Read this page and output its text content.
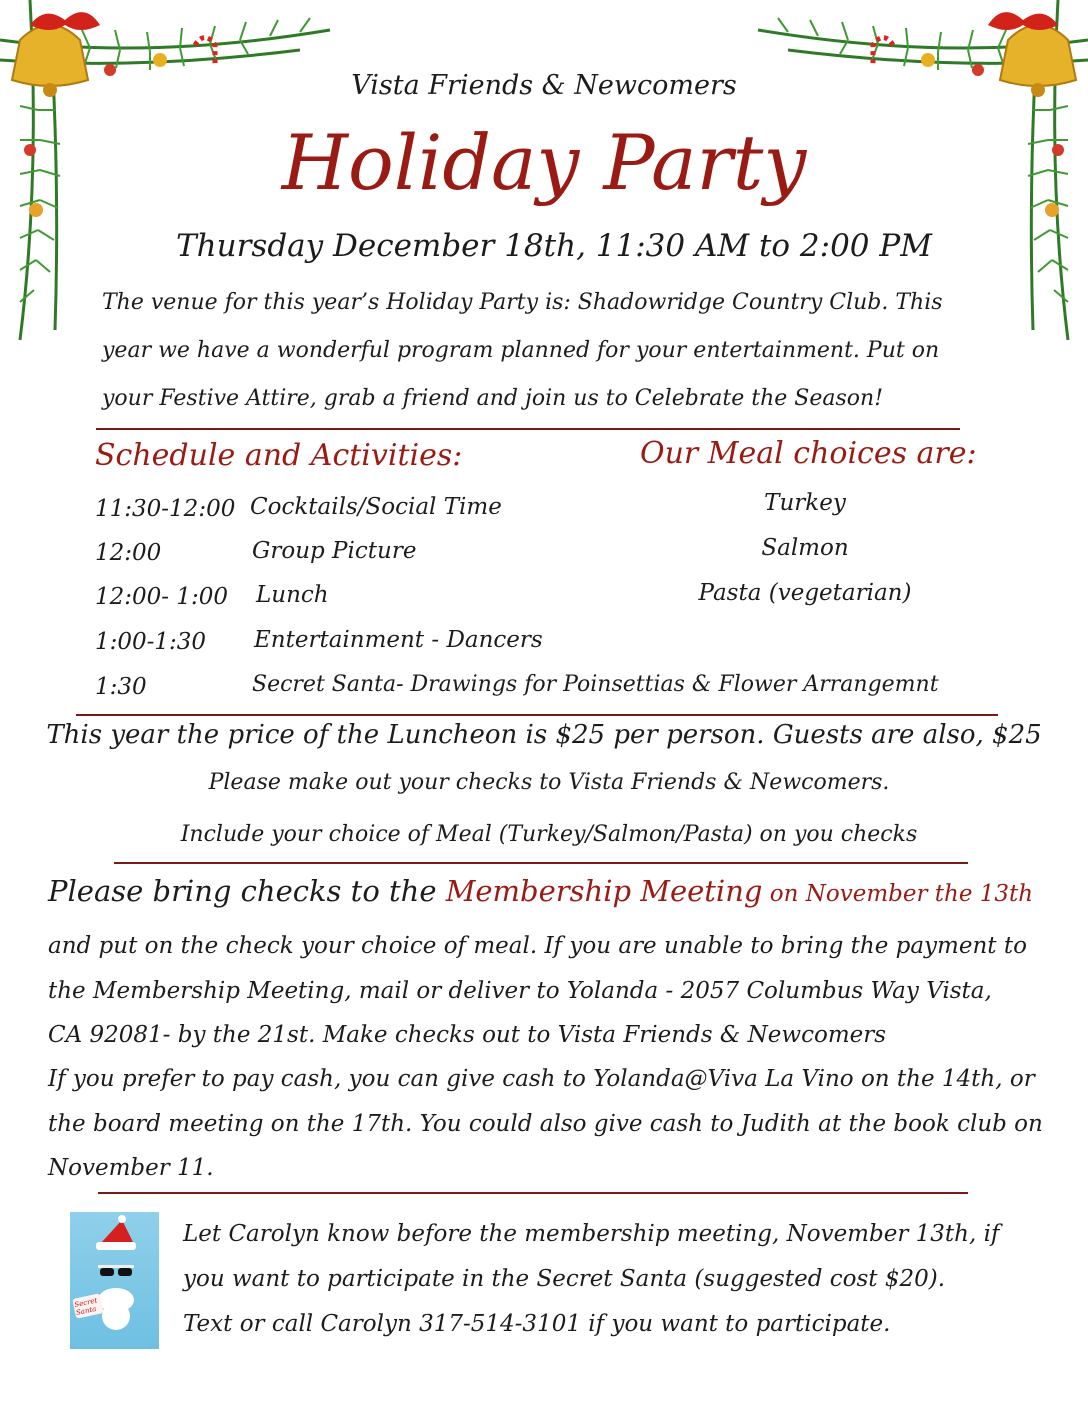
Vista Friends & Newcomers
Holiday Party
Thursday December 18th, 11:30 AM to 2:00 PM
The venue for this year’s Holiday Party is: Shadowridge Country Club. This
year we have a wonderful program planned for your entertainment. Put on
your Festive Attire, grab a friend and join us to Celebrate the Season!
Schedule and Activities:	Our Meal choices are:
11:30-12:00 Cocktails/Social Time
12:00	Group Picture
12:00- 1:00 Lunch
1:00-1:30 Entertainment - Dancers
1:30	Secret Santa- Drawings for Poinsettias & Flower Arrangemnt
Turkey
Salmon
Pasta (vegetarian)
This year the price of the Luncheon is $25 per person. Guests are also, $25
Please make out your checks to Vista Friends & Newcomers.
Include your choice of Meal (Turkey/Salmon/Pasta) on you checks
Please bring checks to the Membership Meeting on November the 13th
and put on the check your choice of meal. If you are unable to bring the payment to
the Membership Meeting, mail or deliver to Yolanda - 2057 Columbus Way Vista,
CA 92081- by the 21st. Make checks out to Vista Friends & Newcomers
If you prefer to pay cash, you can give cash to Yolanda@Viva La Vino on the 14th, or
the board meeting on the 17th. You could also give cash to Judith at the book club on
November 11.
Secret Santa
Let Carolyn know before the membership meeting, November 13th, if
you want to participate in the Secret Santa (suggested cost $20).
Text or call Carolyn 317-514-3101 if you want to participate.
